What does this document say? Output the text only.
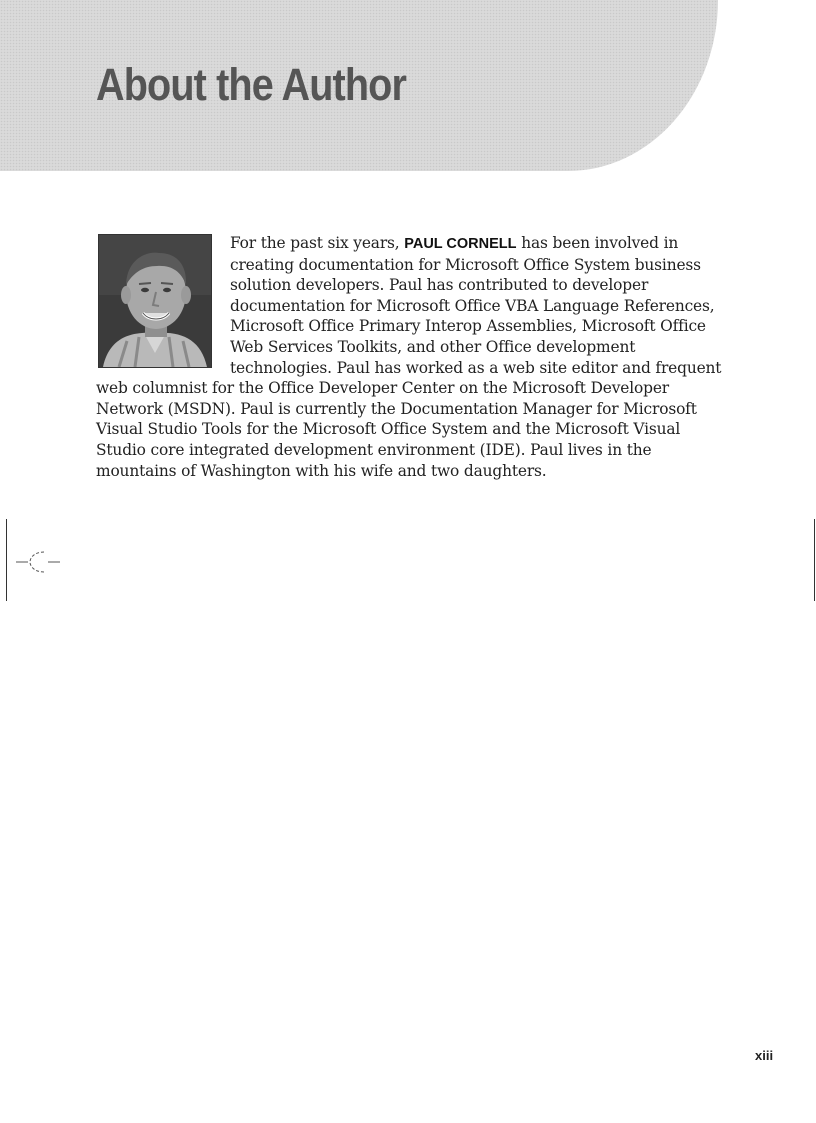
About the Author

For the past six years, PAUL CORNELL has been involved in creating documentation for Microsoft Office System business solution developers. Paul has contributed to developer documentation for Microsoft Office VBA Language References, Microsoft Office Primary Interop Assemblies, Microsoft Office Web Services Toolkits, and other Office development technologies. Paul has worked as a web site editor and frequent web columnist for the Office Developer Center on the Microsoft Developer Network (MSDN). Paul is currently the Documentation Manager for Microsoft Visual Studio Tools for the Microsoft Office System and the Microsoft Visual Studio core integrated development environment (IDE). Paul lives in the mountains of Washington with his wife and two daughters.

xiii
